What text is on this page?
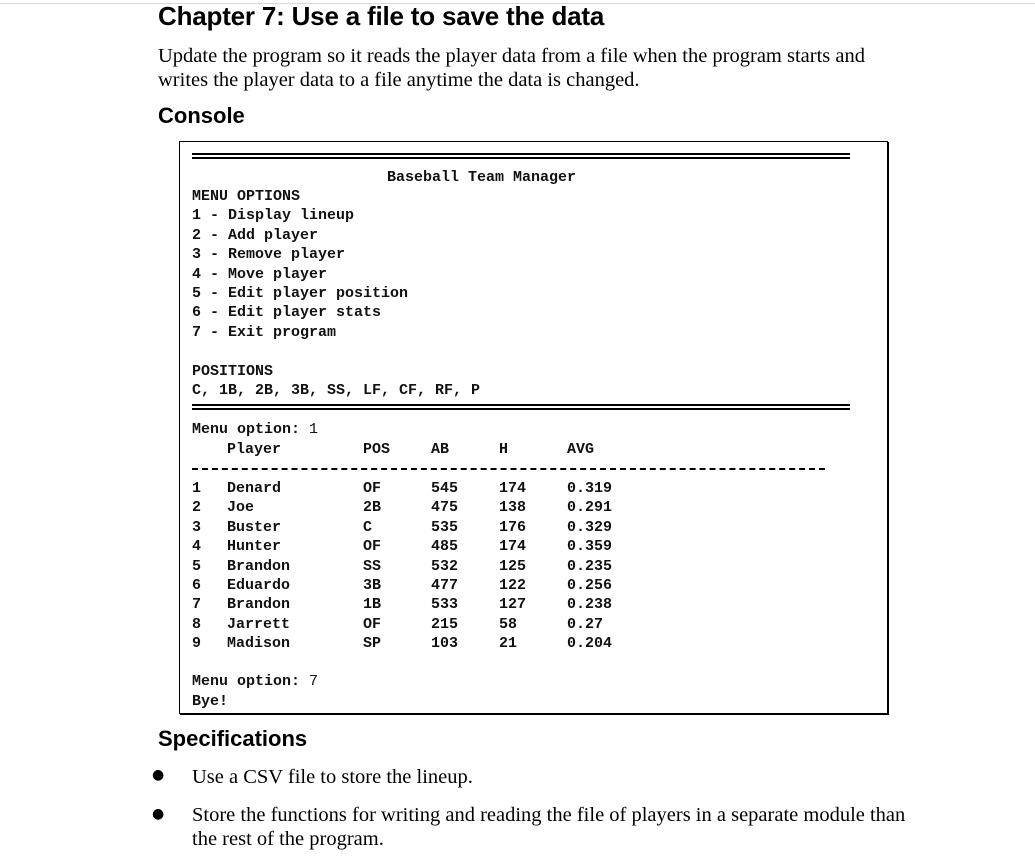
Chapter 7: Use a file to save the data
Update the program so it reads the player data from a file when the program starts and writes the player data to a file anytime the data is changed.
Console
Baseball Team Manager
MENU OPTIONS
1 - Display lineup
2 - Add player
3 - Remove player
4 - Move player
5 - Edit player position
6 - Edit player stats
7 - Exit program
POSITIONS
C, 1B, 2B, 3B, SS, LF, CF, RF, P
Menu option: 1
Player	POS	AB	H	AVG
1 Denard	OF	545	174	0.319
2 Joe	2B	475	138	0.291
3 Buster	C	535	176	0.329
4 Hunter	OF	485	174	0.359
5 Brandon	SS	532	125	0.235
6 Eduardo	3B	477	122	0.256
7 Brandon	1B	533	127	0.238
8 Jarrett	OF	215	58	0.27
9 Madison	SP	103	21	0.204
Menu option: 7
Bye!
Specifications
● Use a CSV file to store the lineup.
● Store the functions for writing and reading the file of players in a separate module than the rest of the program.
